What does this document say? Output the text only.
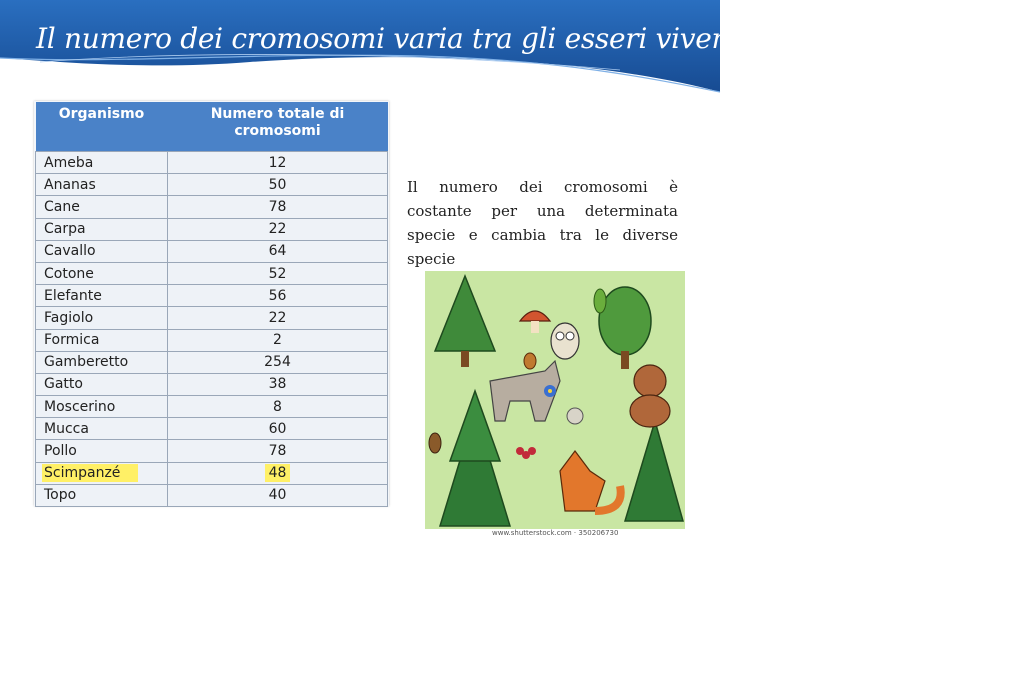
Il numero dei cromosomi varia tra gli esseri viventi
Organismo	Numero totale di cromosomi
Ameba	12
Ananas	50
Cane	78
Carpa	22
Cavallo	64
Cotone	52
Elefante	56
Fagiolo	22
Formica	2
Gamberetto	254
Gatto	38
Moscerino	8
Mucca	60
Pollo	78
Scimpanzé	48
Topo	40
Il numero dei cromosomi è costante per una determinata specie e cambia tra le diverse specie
shutterstock
www.shutterstock.com · 350206730
